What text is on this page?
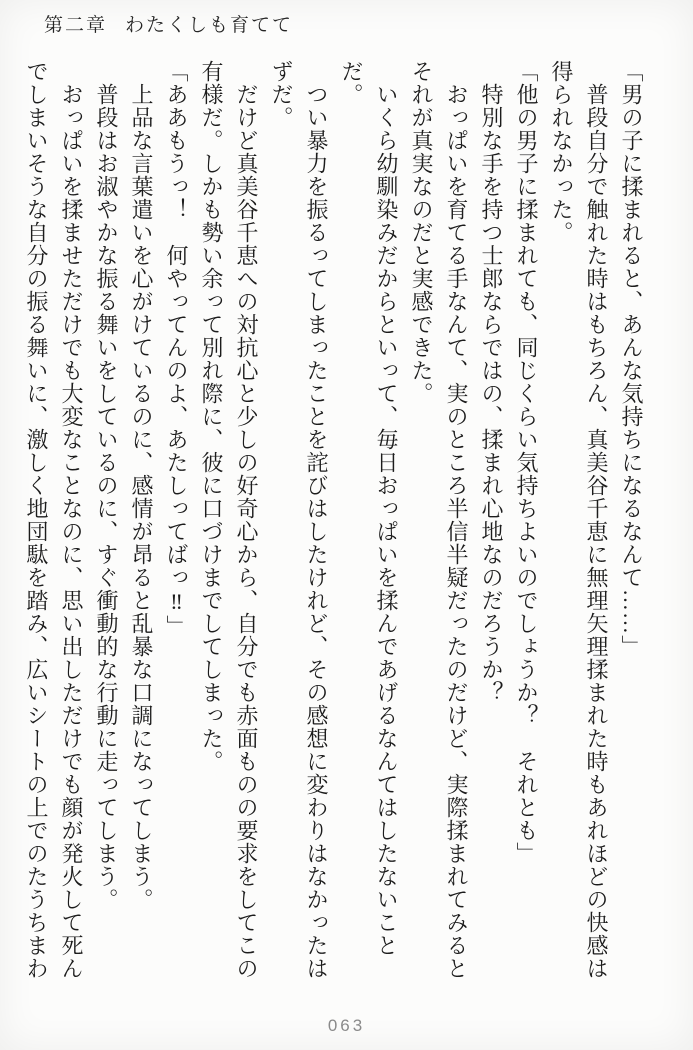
第二章 わたくしも育てて

「男の子に揉まれると、あんな気持ちになるなんて……」

　普段自分で触れた時はもちろん、真美谷千恵に無理矢理揉まれた時もあれほどの快感は得られなかった。

「他の男子に揉まれても、同じくらい気持ちよいのでしょうか？　それとも」

　特別な手を持つ士郎ならではの、揉まれ心地なのだろうか？

　おっぱいを育てる手なんて、実のところ半信半疑だったのだけど、実際揉まれてみるとそれが真実なのだと実感できた。

　いくら幼馴染みだからといって、毎日おっぱいを揉んであげるなんてはしたないことだ。

　つい暴力を振るってしまったことを詫びはしたけれど、その感想に変わりはなかったはずだ。

　だけど真美谷千恵への対抗心と少しの好奇心から、自分でも赤面ものの要求をしてこの有様だ。しかも勢い余って別れ際に、彼に口づけまでしてしまった。

「ああもうっ！　何やってんのよ、あたしってばっ‼」

　上品な言葉遣いを心がけているのに、感情が昂ると乱暴な口調になってしまう。

　普段はお淑やかな振る舞いをしているのに、すぐ衝動的な行動に走ってしまう。

　おっぱいを揉ませただけでも大変なことなのに、思い出しただけでも顔が発火して死んでしまいそうな自分の振る舞いに、激しく地団駄を踏み、広いシートの上でのたうちまわ

063
